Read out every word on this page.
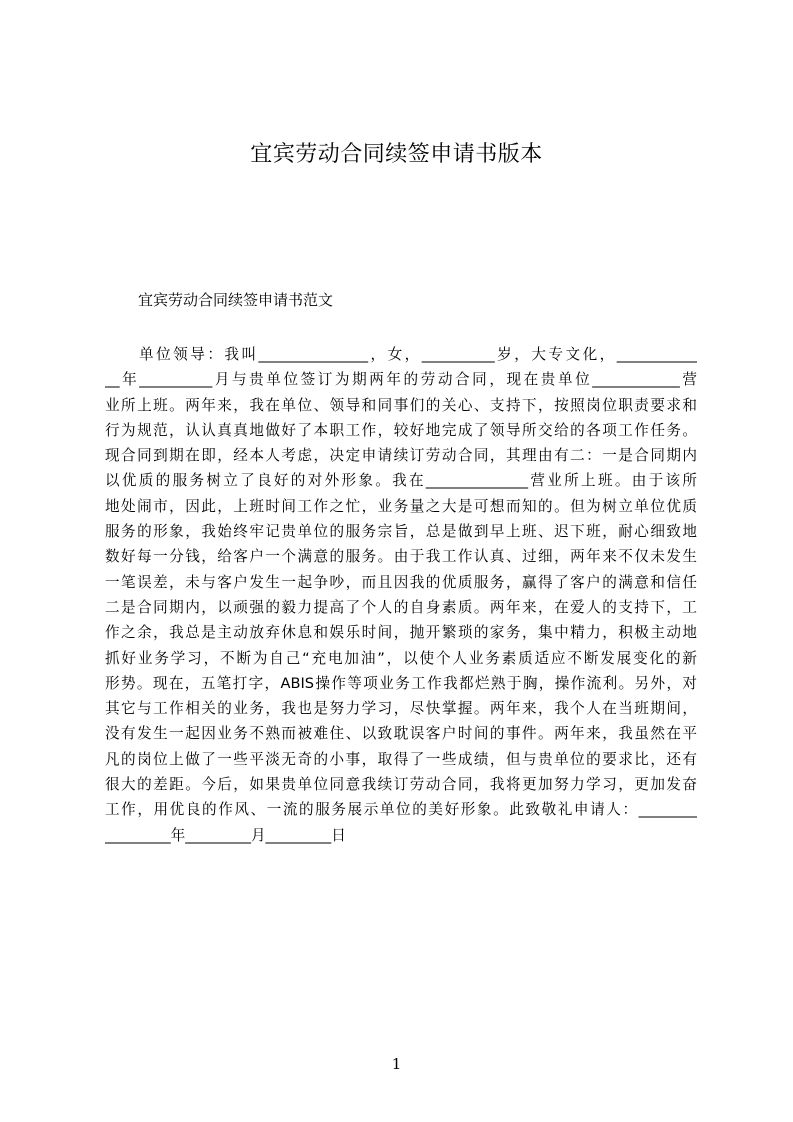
宜宾劳动合同续签申请书版本

宜宾劳动合同续签申请书范文

单位领导：我叫_______________，女，__________岁，大专文化，___________
__年__________月与贵单位签订为期两年的劳动合同，现在贵单位____________营
业所上班。两年来，我在单位、领导和同事们的关心、支持下，按照岗位职责要求和
行为规范，认认真真地做好了本职工作，较好地完成了领导所交给的各项工作任务。
现合同到期在即，经本人考虑，决定申请续订劳动合同，其理由有二：一是合同期内
以优质的服务树立了良好的对外形象。我在______________营业所上班。由于该所
地处闹市，因此，上班时间工作之忙，业务量之大是可想而知的。但为树立单位优质
服务的形象，我始终牢记贵单位的服务宗旨，总是做到早上班、迟下班，耐心细致地
数好每一分钱，给客户一个满意的服务。由于我工作认真、过细，两年来不仅未发生
一笔误差，未与客户发生一起争吵，而且因我的优质服务，赢得了客户的满意和信任
二是合同期内，以顽强的毅力提高了个人的自身素质。两年来，在爱人的支持下，工
作之余，我总是主动放弃休息和娱乐时间，抛开繁琐的家务，集中精力，积极主动地
抓好业务学习，不断为自己“充电加油”，以使个人业务素质适应不断发展变化的新
形势。现在，五笔打字，ABIS操作等项业务工作我都烂熟于胸，操作流利。另外，对
其它与工作相关的业务，我也是努力学习，尽快掌握。两年来，我个人在当班期间，
没有发生一起因业务不熟而被难住、以致耽误客户时间的事件。两年来，我虽然在平
凡的岗位上做了一些平淡无奇的小事，取得了一些成绩，但与贵单位的要求比，还有
很大的差距。今后，如果贵单位同意我续订劳动合同，我将更加努力学习，更加发奋
工作，用优良的作风、一流的服务展示单位的美好形象。此致敬礼申请人：________
_________年_________月_________日
1
